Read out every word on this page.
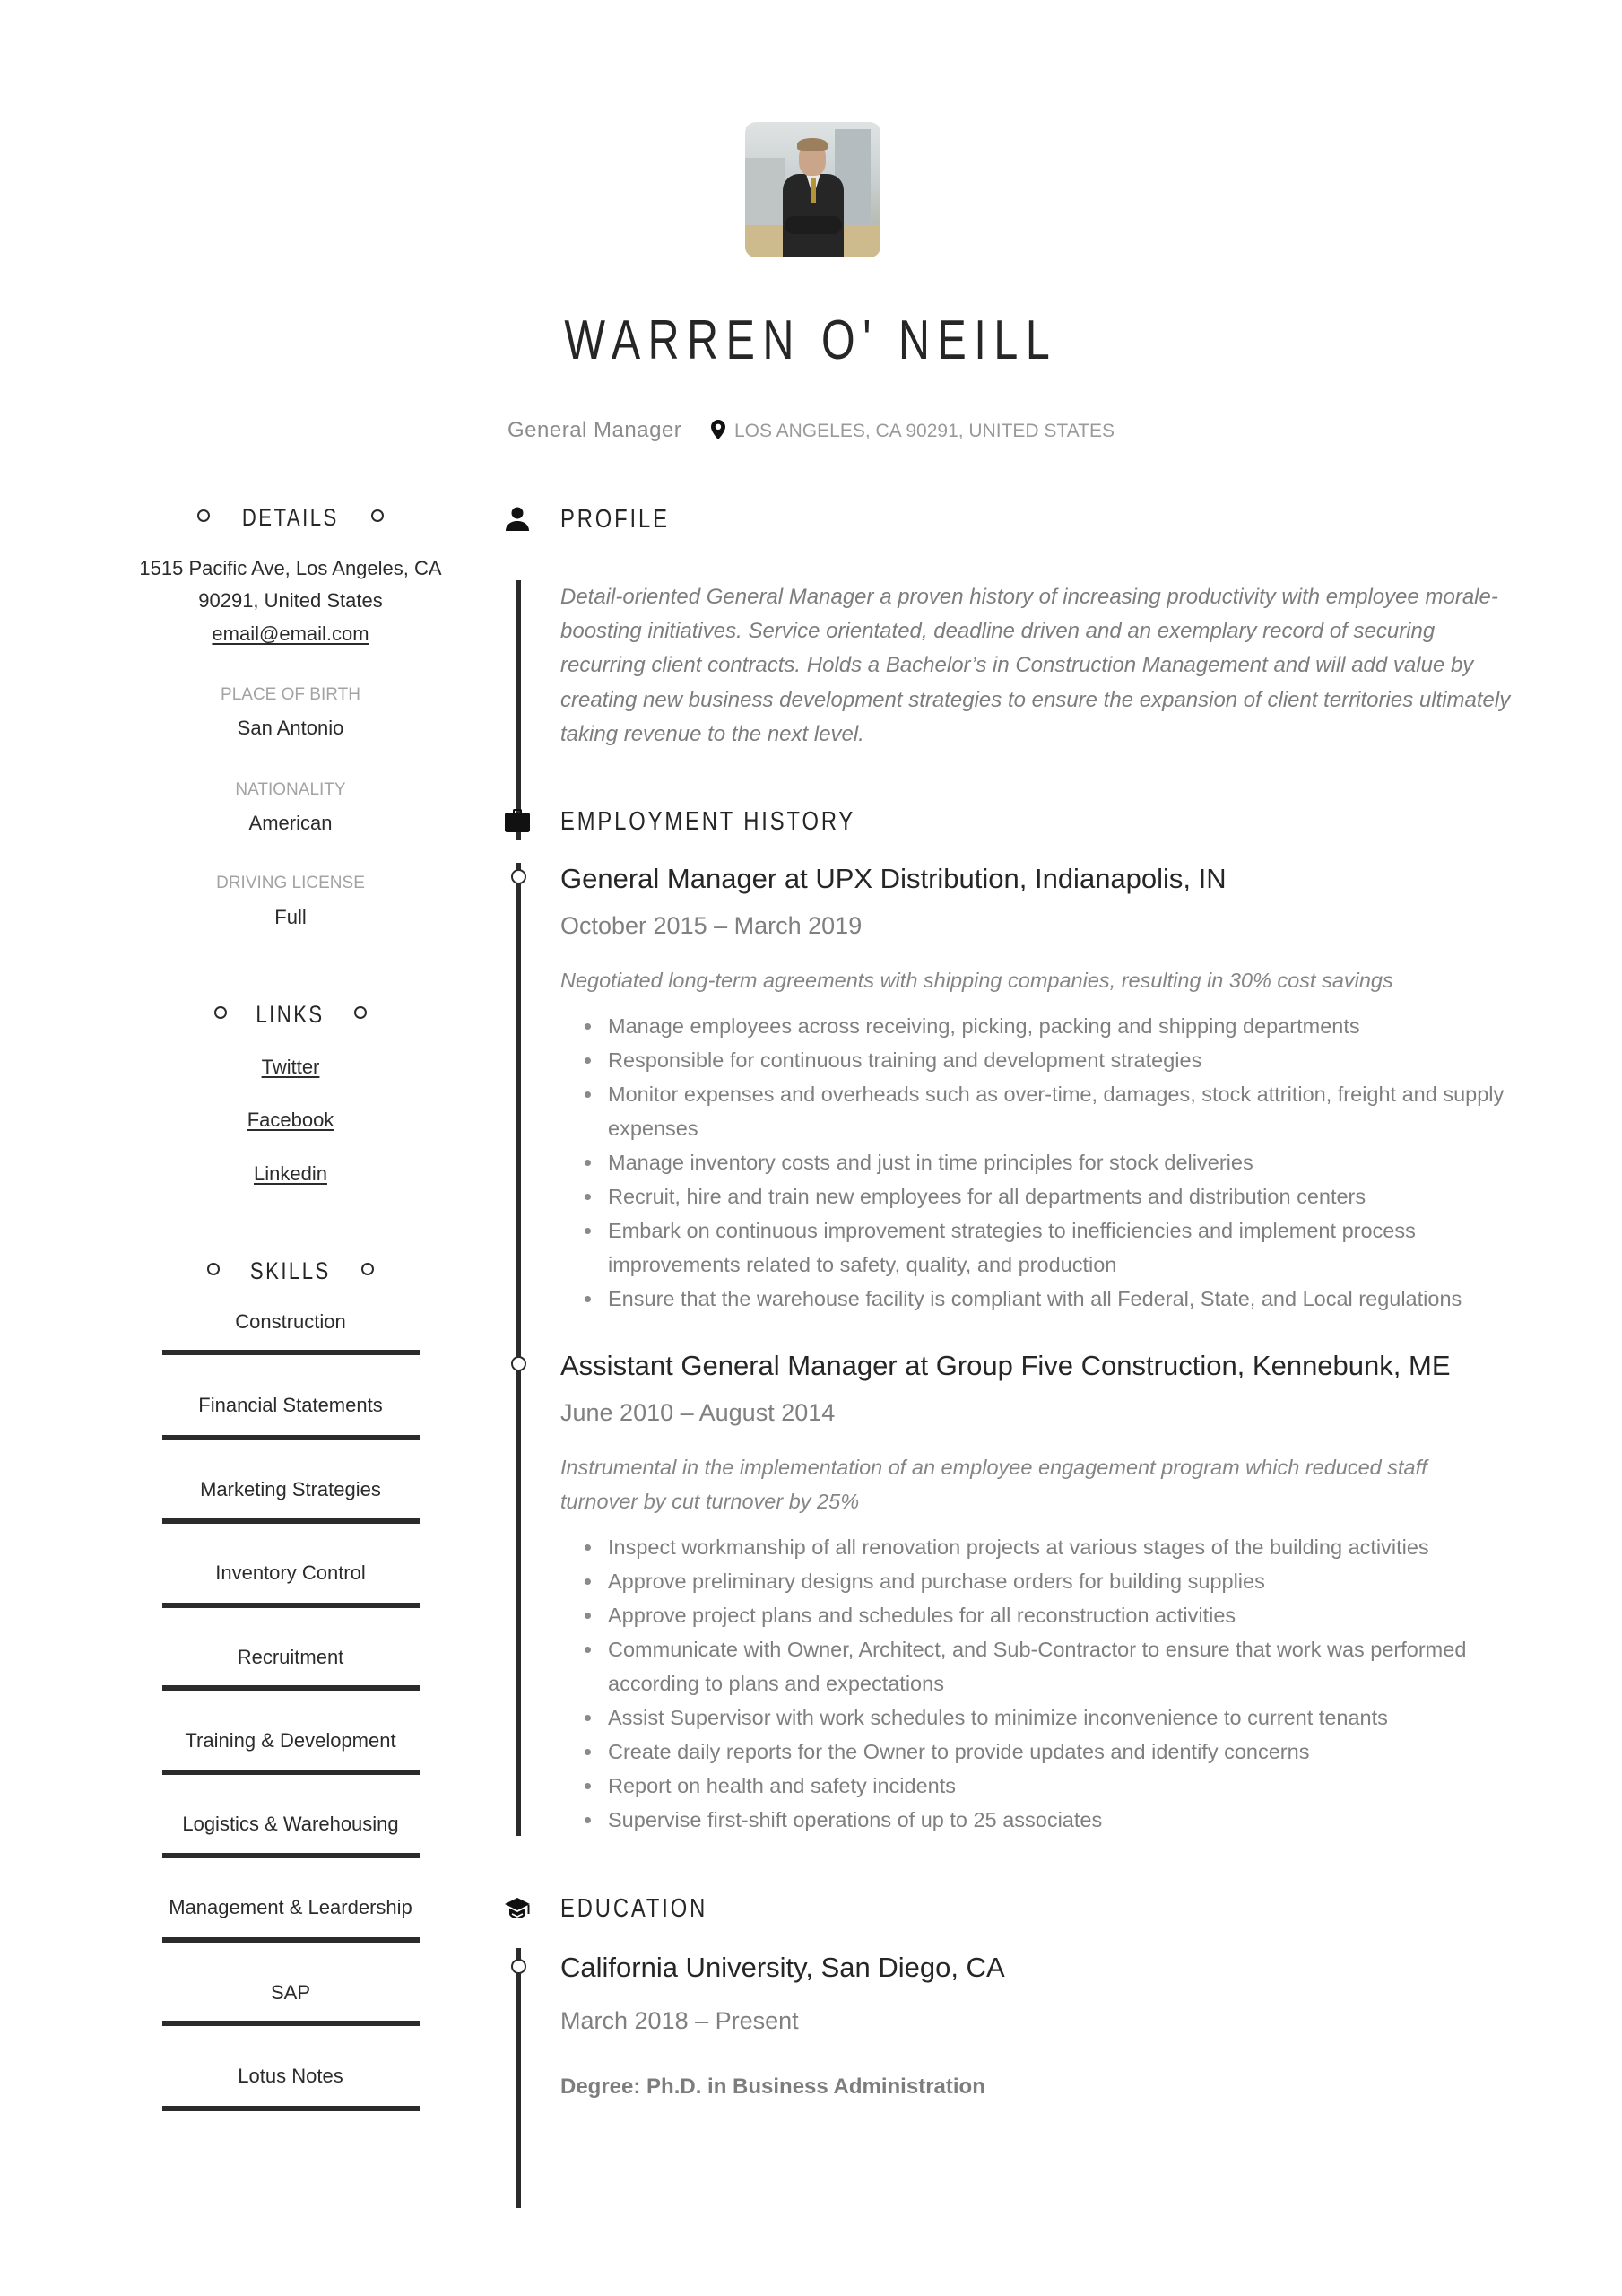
WARREN O' NEILL
General Manager	LOS ANGELES, CA 90291, UNITED STATES
DETAILS
1515 Pacific Ave, Los Angeles, CA
90291, United States
email@email.com
PLACE OF BIRTH
San Antonio
NATIONALITY
American
DRIVING LICENSE
Full
LINKS
Twitter
Facebook
Linkedin
SKILLS
Construction
Financial Statements
Marketing Strategies
Inventory Control
Recruitment
Training & Development
Logistics & Warehousing
Management & Leardership
SAP
Lotus Notes
PROFILE
Detail-oriented General Manager a proven history of increasing productivity with employee morale-boosting initiatives. Service orientated, deadline driven and an exemplary record of securing recurring client contracts. Holds a Bachelor’s in Construction Management and will add value by creating new business development strategies to ensure the expansion of client territories ultimately taking revenue to the next level.
EMPLOYMENT HISTORY
General Manager at UPX Distribution, Indianapolis, IN
October 2015 – March 2019
Negotiated long-term agreements with shipping companies, resulting in 30% cost savings
Manage employees across receiving, picking, packing and shipping departments
Responsible for continuous training and development strategies
Monitor expenses and overheads such as over-time, damages, stock attrition, freight and supply expenses
Manage inventory costs and just in time principles for stock deliveries
Recruit, hire and train new employees for all departments and distribution centers
Embark on continuous improvement strategies to inefficiencies and implement process improvements related to safety, quality, and production
Ensure that the warehouse facility is compliant with all Federal, State, and Local regulations
Assistant General Manager at Group Five Construction, Kennebunk, ME
June 2010 – August 2014
Instrumental in the implementation of an employee engagement program which reduced staff turnover by cut turnover by 25%
Inspect workmanship of all renovation projects at various stages of the building activities
Approve preliminary designs and purchase orders for building supplies
Approve project plans and schedules for all reconstruction activities
Communicate with Owner, Architect, and Sub-Contractor to ensure that work was performed according to plans and expectations
Assist Supervisor with work schedules to minimize inconvenience to current tenants
Create daily reports for the Owner to provide updates and identify concerns
Report on health and safety incidents
Supervise first-shift operations of up to 25 associates
EDUCATION
California University, San Diego, CA
March 2018 – Present
Degree: Ph.D. in Business Administration
